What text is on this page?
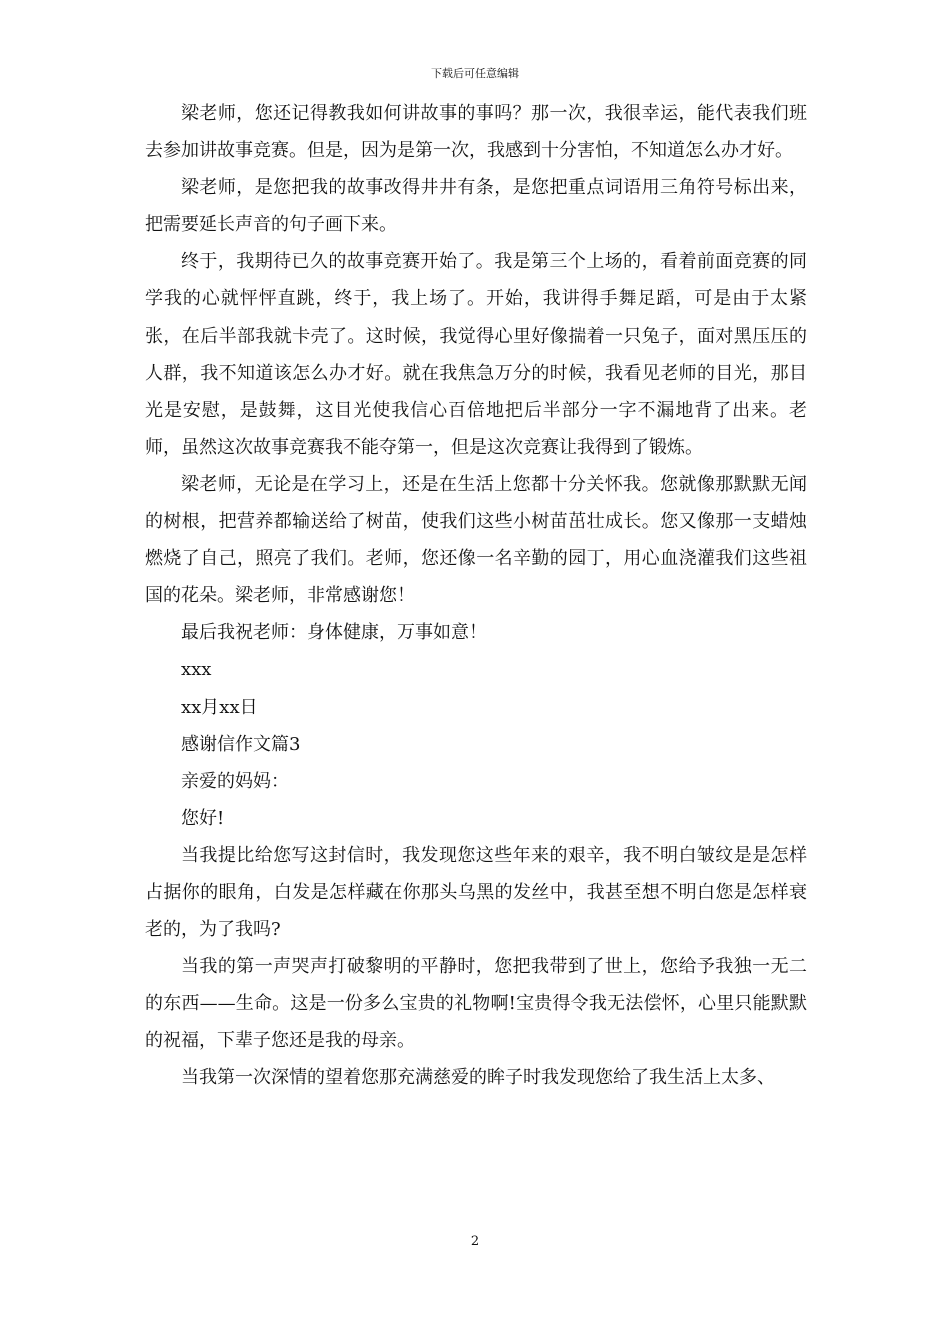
下载后可任意编辑

梁老师，您还记得教我如何讲故事的事吗？那一次，我很幸运，能代表我们班去参加讲故事竞赛。但是，因为是第一次，我感到十分害怕，不知道怎么办才好。

梁老师，是您把我的故事改得井井有条，是您把重点词语用三角符号标出来，把需要延长声音的句子画下来。

终于，我期待已久的故事竞赛开始了。我是第三个上场的，看着前面竞赛的同学我的心就怦怦直跳，终于，我上场了。开始，我讲得手舞足蹈，可是由于太紧张，在后半部我就卡壳了。这时候，我觉得心里好像揣着一只兔子，面对黑压压的人群，我不知道该怎么办才好。就在我焦急万分的时候，我看见老师的目光，那目光是安慰，是鼓舞，这目光使我信心百倍地把后半部分一字不漏地背了出来。老师，虽然这次故事竞赛我不能夺第一，但是这次竞赛让我得到了锻炼。

梁老师，无论是在学习上，还是在生活上您都十分关怀我。您就像那默默无闻的树根，把营养都输送给了树苗，使我们这些小树苗茁壮成长。您又像那一支蜡烛燃烧了自己，照亮了我们。老师，您还像一名辛勤的园丁，用心血浇灌我们这些祖国的花朵。梁老师，非常感谢您！

最后我祝老师：身体健康，万事如意！

xxx

xx月xx日

感谢信作文篇3

亲爱的妈妈：

您好!

当我提比给您写这封信时，我发现您这些年来的艰辛，我不明白皱纹是是怎样占据你的眼角，白发是怎样藏在你那头乌黑的发丝中，我甚至想不明白您是怎样衰老的，为了我吗?

当我的第一声哭声打破黎明的平静时，您把我带到了世上，您给予我独一无二的东西——生命。这是一份多么宝贵的礼物啊!宝贵得令我无法偿怀，心里只能默默的祝福，下辈子您还是我的母亲。

当我第一次深情的望着您那充满慈爱的眸子时我发现您给了我生活上太多、

2
